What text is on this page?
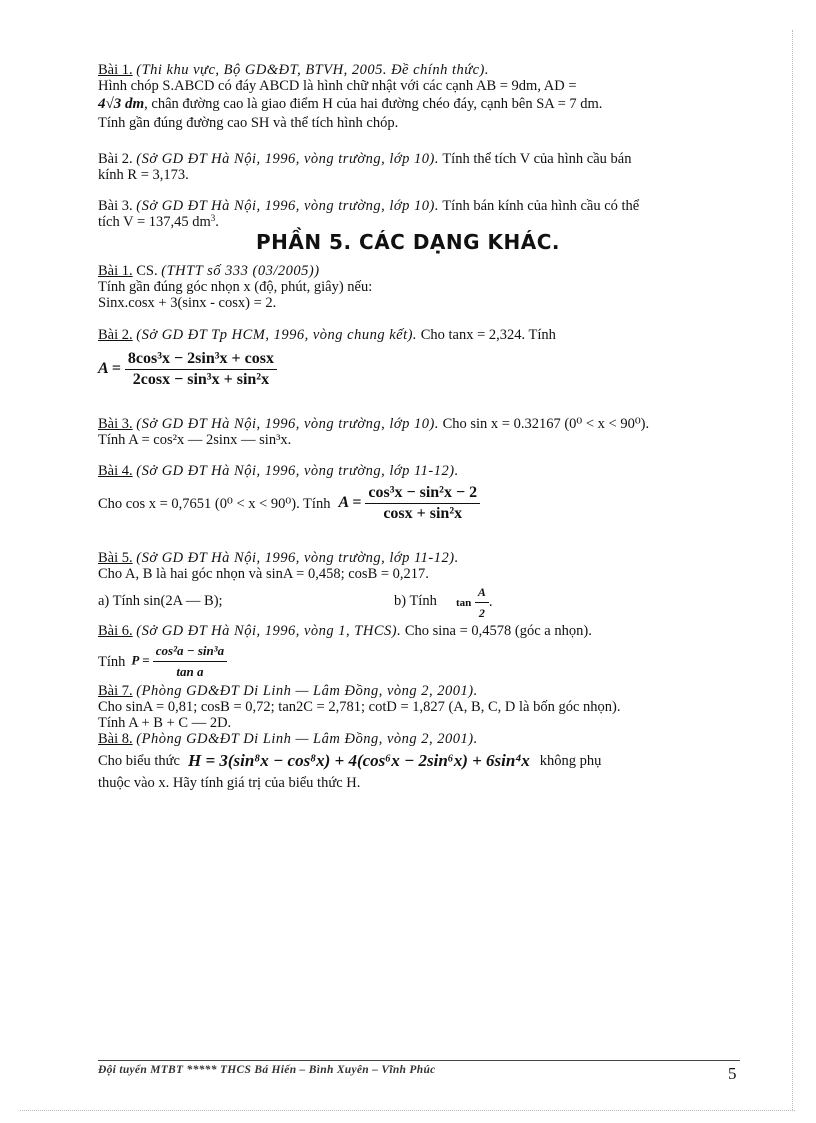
Bài 1. (Thi khu vực, Bộ GD&ĐT, BTVH, 2005. Đề chính thức).
Hình chóp S.ABCD có đáy ABCD là hình chữ nhật với các cạnh AB = 9dm, AD =
4√3 dm, chân đường cao là giao điểm H của hai đường chéo đáy, cạnh bên SA = 7 dm.
Tính gần đúng đường cao SH và thể tích hình chóp.
Bài 2. (Sở GD ĐT Hà Nội, 1996, vòng trường, lớp 10). Tính thể tích V của hình cầu bán
kính R = 3,173.
Bài 3. (Sở GD ĐT Hà Nội, 1996, vòng trường, lớp 10). Tính bán kính của hình cầu có thể
tích V = 137,45 $dm^3$.
PHẦN 5. CÁC DẠNG KHÁC.
Bài 1. CS. (THTT số 333 (03/2005))
Tính gần đúng góc nhọn x (độ, phút, giây) nếu:
Sinx.cosx + 3(sinx - cosx) = 2.
Bài 2. (Sở GD ĐT Tp HCM, 1996, vòng chung kết). Cho tanx = 2,324. Tính
$A = \frac{\text{8cos³x − 2sin³x + cosx}}{\text{2cosx − sin³x + sin²x}}$
Bài 3. (Sở GD ĐT Hà Nội, 1996, vòng trường, lớp 10). Cho sin x = 0.32167 (0⁰ < x < 90⁰).
Tính A = cos²x — 2sinx — sin³x.
Bài 4. (Sở GD ĐT Hà Nội, 1996, vòng trường, lớp 11-12).
Cho cos x = 0,7651 (0⁰ < x < 90⁰). Tính $A = \frac{\text{cos³x − sin²x − 2}}{\text{cosx + sin²x}}$
Bài 5. (Sở GD ĐT Hà Nội, 1996, vòng trường, lớp 11-12).
Cho A, B là hai góc nhọn và sinA = 0,458; cosB = 0,217.
a) Tính sin(2A — B);	b) Tính $\tan \frac{A}{2}$ .
Bài 6. (Sở GD ĐT Hà Nội, 1996, vòng 1, THCS). Cho sina = 0,4578 (góc a nhọn).
Tính $P = \frac{\text{cos²a − sin³a}}{\text{tan a}}$
Bài 7. (Phòng GD&ĐT Di Linh — Lâm Đồng, vòng 2, 2001).
Cho sinA = 0,81; cosB = 0,72; tan2C = 2,781; cotD = 1,827 (A, B, C, D là bốn góc nhọn).
Tính A + B + C — 2D.
Bài 8. (Phòng GD&ĐT Di Linh — Lâm Đồng, vòng 2, 2001).
Cho biểu thức H = 3(sin⁸x − cos⁸x) + 4(cos⁶x − 2sin⁶x) + 6sin⁴x không phụ
thuộc vào x. Hãy tính giá trị của biểu thức H.
Đội tuyển MTBT ***** THCS Bá Hiến – Bình Xuyên – Vĩnh Phúc	5
